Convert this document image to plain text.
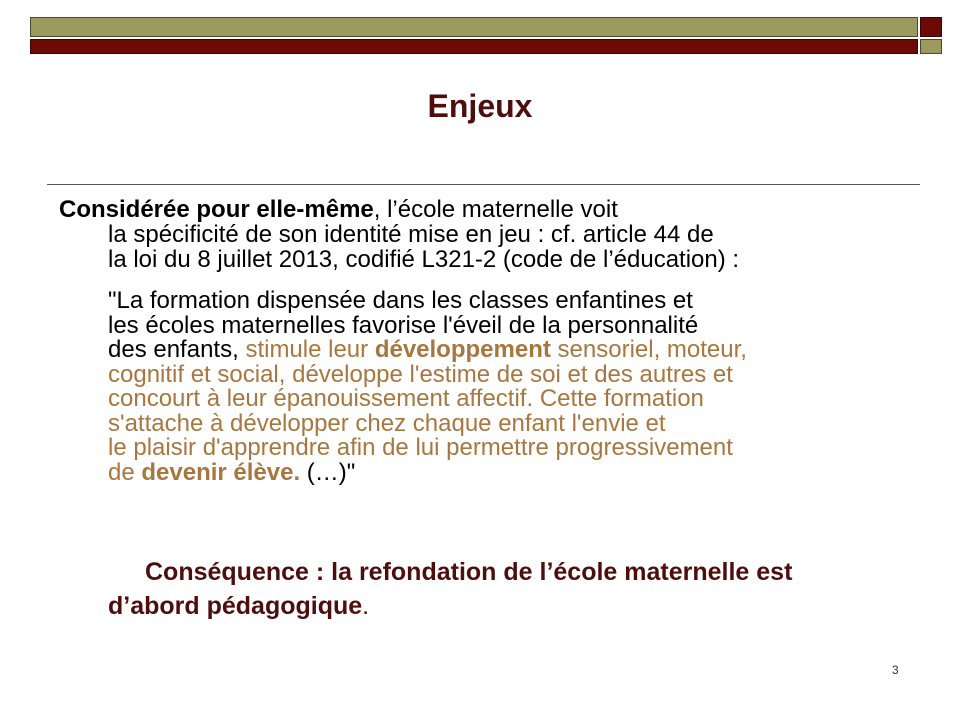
Enjeux
Considérée pour elle-même, l’école maternelle voit
la spécificité de son identité mise en jeu : cf. article 44 de
la loi du 8 juillet 2013, codifié L321-2 (code de l’éducation) :
"La formation dispensée dans les classes enfantines et
les écoles maternelles favorise l'éveil de la personnalité
des enfants, stimule leur développement sensoriel, moteur,
cognitif et social, développe l'estime de soi et des autres et
concourt à leur épanouissement affectif. Cette formation
s'attache à développer chez chaque enfant l'envie et
le plaisir d'apprendre afin de lui permettre progressivement
de devenir élève. (…)"
Conséquence : la refondation de l’école maternelle est
d’abord pédagogique.
3
